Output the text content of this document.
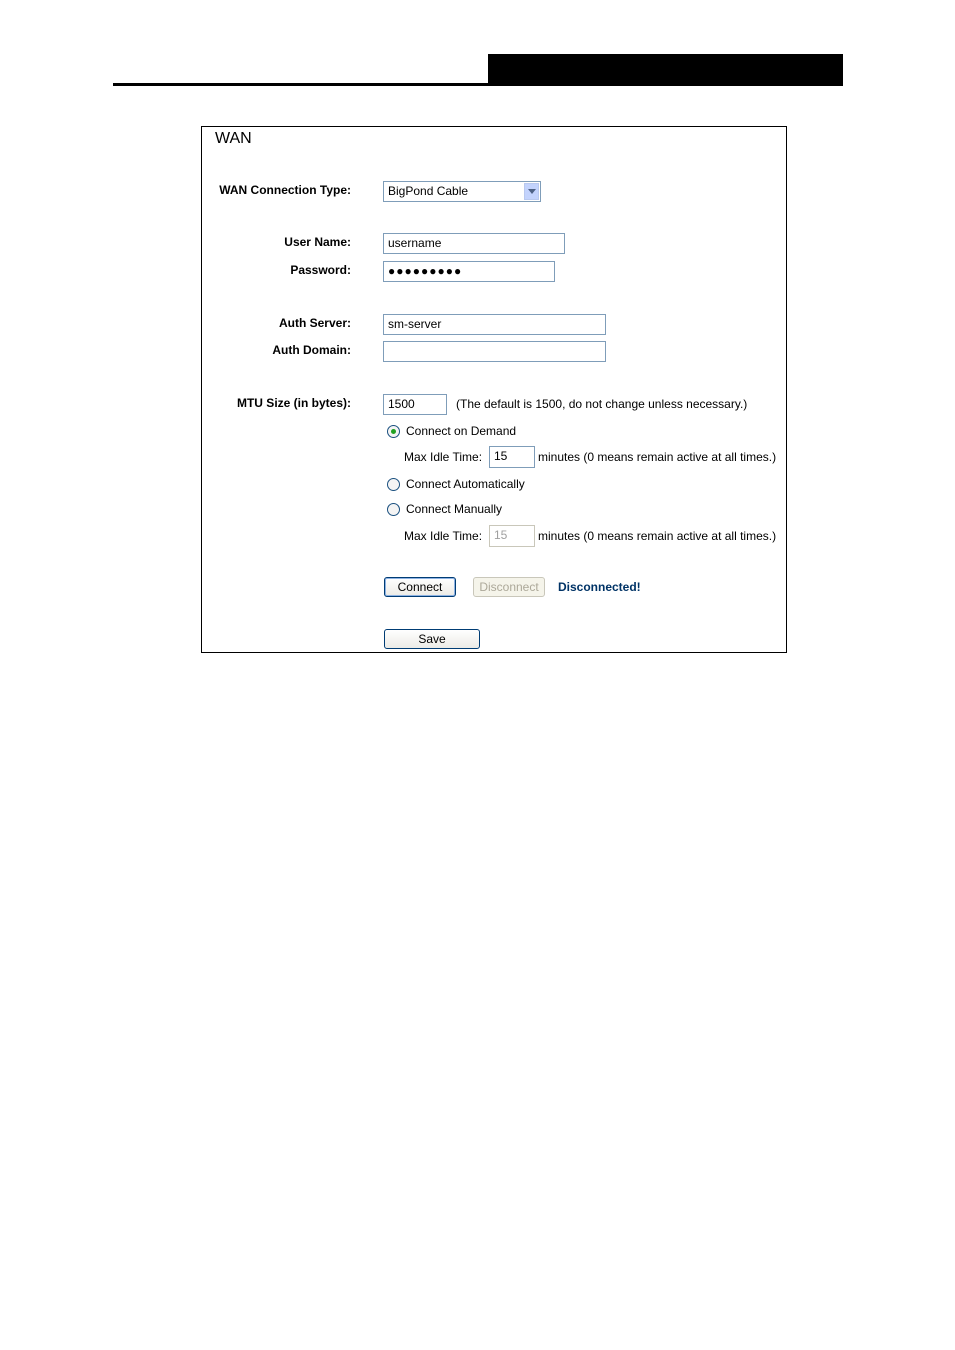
WAN
WAN Connection Type:	BigPond Cable
User Name:	username
Password:	●●●●●●●●●
Auth Server:	sm-server
Auth Domain:
MTU Size (in bytes):	1500	(The default is 1500, do not change unless necessary.)
Connect on Demand
Max Idle Time: 15	minutes (0 means remain active at all times.)
Connect Automatically
Connect Manually
Max Idle Time: 15	minutes (0 means remain active at all times.)
Connect	Disconnect	Disconnected!
Save
